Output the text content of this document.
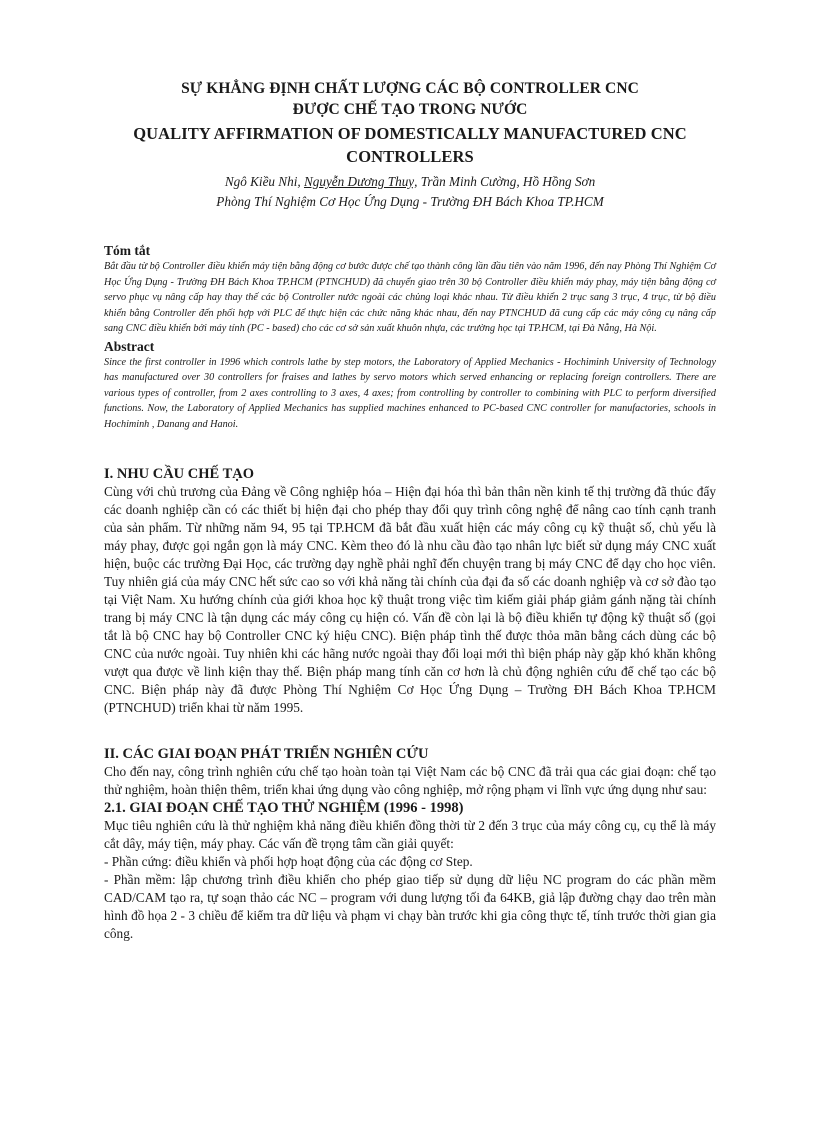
SỰ KHẲNG ĐỊNH CHẤT LƯỢNG CÁC BỘ CONTROLLER CNC
ĐƯỢC CHẾ TẠO TRONG NƯỚC

QUALITY AFFIRMATION OF DOMESTICALLY MANUFACTURED CNC
CONTROLLERS

Ngô Kiều Nhi, Nguyễn Dương Thuỵ, Trần Minh Cường, Hồ Hồng Sơn

Phòng Thí Nghiệm Cơ Học Ứng Dụng - Trường ĐH Bách Khoa TP.HCM

Tóm tắt

Bắt đầu từ bộ Controller điều khiển máy tiện bằng động cơ bước được chế tạo thành công lần đầu tiên vào năm 1996, đến nay Phòng Thí Nghiệm Cơ Học Ứng Dụng - Trường ĐH Bách Khoa TP.HCM (PTNCHUD) đã chuyển giao trên 30 bộ Controller điều khiển máy phay, máy tiện bằng động cơ servo phục vụ nâng cấp hay thay thế các bộ Controller nước ngoài các chủng loại khác nhau. Từ điều khiển 2 trục sang 3 trục, 4 trục, từ bộ điều khiển bằng Controller đến phối hợp với PLC để thực hiện các chức năng khác nhau, đến nay PTNCHUD đã cung cấp các máy công cụ nâng cấp sang CNC điều khiển bởi máy tính (PC - based) cho các cơ sở sản xuất khuôn nhựa, các trường học tại TP.HCM, tại Đà Nẵng, Hà Nội.

Abstract

Since the first controller in 1996 which controls lathe by step motors, the Laboratory of Applied Mechanics - Hochiminh University of Technology has manufactured over 30 controllers for fraises and lathes by servo motors which served enhancing or replacing foreign controllers. There are various types of controller, from 2 axes controlling to 3 axes, 4 axes; from controlling by controller to combining with PLC to perform diversified functions. Now, the Laboratory of Applied Mechanics has supplied machines enhanced to PC-based CNC controller for manufactories, schools in Hochiminh , Danang and Hanoi.

I. NHU CẦU CHẾ TẠO

Cùng với chủ trương của Đảng về Công nghiệp hóa – Hiện đại hóa thì bản thân nền kinh tế thị trường đã thúc đẩy các doanh nghiệp cần có các thiết bị hiện đại cho phép thay đổi quy trình công nghệ để nâng cao tính cạnh tranh của sản phẩm. Từ những năm 94, 95 tại TP.HCM đã bắt đầu xuất hiện các máy công cụ kỹ thuật số, chủ yếu là máy phay, được gọi ngắn gọn là máy CNC. Kèm theo đó là nhu cầu đào tạo nhân lực biết sử dụng máy CNC xuất hiện, buộc các trường Đại Học, các trường dạy nghề phải nghĩ đến chuyện trang bị máy CNC để dạy cho học viên. Tuy nhiên giá của máy CNC hết sức cao so với khả năng tài chính của đại đa số các doanh nghiệp và cơ sở đào tạo tại Việt Nam. Xu hướng chính của giới khoa học kỹ thuật trong việc tìm kiếm giải pháp giảm gánh nặng tài chính trang bị máy CNC là tận dụng các máy công cụ hiện có. Vấn đề còn lại là bộ điều khiển tự động kỹ thuật số (gọi tắt là bộ CNC hay bộ Controller CNC ký hiệu CNC). Biện pháp tình thế được thỏa mãn bằng cách dùng các bộ CNC của nước ngoài. Tuy nhiên khi các hãng nước ngoài thay đổi loại mới thì biện pháp này gặp khó khăn không vượt qua được về linh kiện thay thế. Biện pháp mang tính căn cơ hơn là chủ động nghiên cứu để chế tạo các bộ CNC. Biện pháp này đã được Phòng Thí Nghiệm Cơ Học Ứng Dụng – Trường ĐH Bách Khoa TP.HCM (PTNCHUD) triển khai từ năm 1995.

II. CÁC GIAI ĐOẠN PHÁT TRIỂN NGHIÊN CỨU

Cho đến nay, công trình nghiên cứu chế tạo hoàn toàn tại Việt Nam các bộ CNC đã trải qua các giai đoạn: chế tạo thử nghiệm, hoàn thiện thêm, triển khai ứng dụng vào công nghiệp, mở rộng phạm vi lĩnh vực ứng dụng như sau:

2.1. GIAI ĐOẠN CHẾ TẠO THỬ NGHIỆM (1996 - 1998)

Mục tiêu nghiên cứu là thử nghiệm khả năng điều khiển đồng thời từ 2 đến 3 trục của máy công cụ, cụ thể là máy cắt dây, máy tiện, máy phay. Các vấn đề trọng tâm cần giải quyết:

- Phần cứng: điều khiển và phối hợp hoạt động của các động cơ Step.

- Phần mềm: lập chương trình điều khiển cho phép giao tiếp sử dụng dữ liệu NC program do các phần mềm CAD/CAM tạo ra, tự soạn thảo các NC – program với dung lượng tối đa 64KB, giả lập đường chạy dao trên màn hình đồ họa 2 - 3 chiều để kiểm tra dữ liệu và phạm vi chạy bàn trước khi gia công thực tế, tính trước thời gian gia công.
